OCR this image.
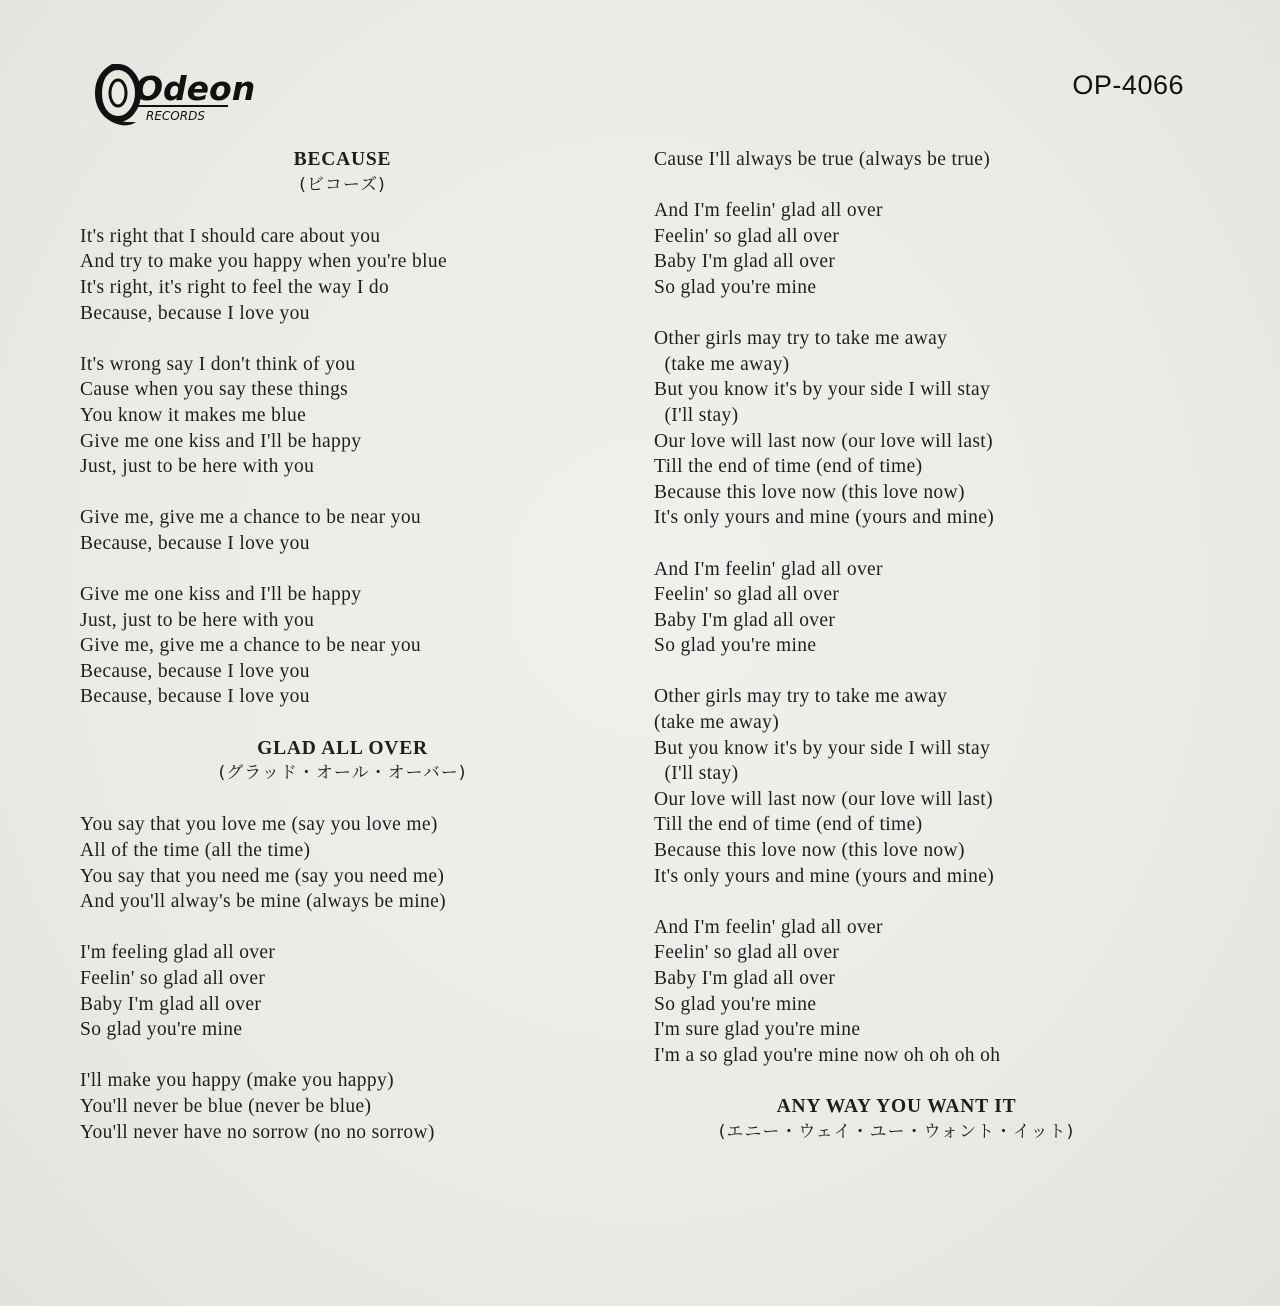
Odeon
RECORDS
OP-4066
BECAUSE
(ビコーズ)
It's right that I should care about you
And try to make you happy when you're blue
It's right, it's right to feel the way I do
Because, because I love you
It's wrong say I don't think of you
Cause when you say these things
You know it makes me blue
Give me one kiss and I'll be happy
Just, just to be here with you
Give me, give me a chance to be near you
Because, because I love you
Give me one kiss and I'll be happy
Just, just to be here with you
Give me, give me a chance to be near you
Because, because I love you
Because, because I love you
GLAD ALL OVER
(グラッド・オール・オーバー)
You say that you love me (say you love me)
All of the time (all the time)
You say that you need me (say you need me)
And you'll alway's be mine (always be mine)
I'm feeling glad all over
Feelin' so glad all over
Baby I'm glad all over
So glad you're mine
I'll make you happy (make you happy)
You'll never be blue (never be blue)
You'll never have no sorrow (no no sorrow)
Cause I'll always be true (always be true)
And I'm feelin' glad all over
Feelin' so glad all over
Baby I'm glad all over
So glad you're mine
Other girls may try to take me away
(take me away)
But you know it's by your side I will stay
(I'll stay)
Our love will last now (our love will last)
Till the end of time (end of time)
Because this love now (this love now)
It's only yours and mine (yours and mine)
And I'm feelin' glad all over
Feelin' so glad all over
Baby I'm glad all over
So glad you're mine
Other girls may try to take me away
(take me away)
But you know it's by your side I will stay
(I'll stay)
Our love will last now (our love will last)
Till the end of time (end of time)
Because this love now (this love now)
It's only yours and mine (yours and mine)
And I'm feelin' glad all over
Feelin' so glad all over
Baby I'm glad all over
So glad you're mine
I'm sure glad you're mine
I'm a so glad you're mine now oh oh oh oh
ANY WAY YOU WANT IT
(エニー・ウェイ・ユー・ウォント・イット)
